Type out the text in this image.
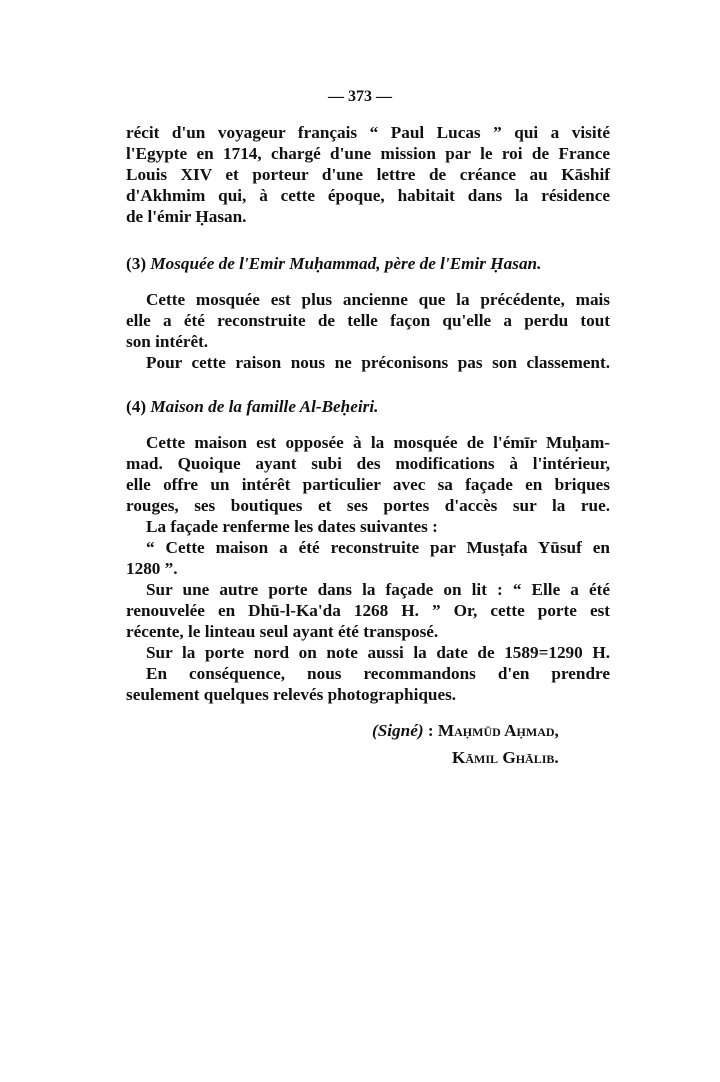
— 373 —

récit d'un voyageur français “ Paul Lucas ” qui a visité

l'Egypte en 1714, chargé d'une mission par le roi de France

Louis XIV et porteur d'une lettre de créance au Kāshif

d'Akhmim qui, à cette époque, habitait dans la résidence

de l'émir Ḥasan.

(3) Mosquée de l'Emir Muḥammad, père de l'Emir Ḥasan.

Cette mosquée est plus ancienne que la précédente, mais

elle a été reconstruite de telle façon qu'elle a perdu tout

son intérêt.

Pour cette raison nous ne préconisons pas son classement.

(4) Maison de la famille Al-Beḥeiri.

Cette maison est opposée à la mosquée de l'émīr Muḥam-

mad. Quoique ayant subi des modifications à l'intérieur,

elle offre un intérêt particulier avec sa façade en briques

rouges, ses boutiques et ses portes d'accès sur la rue.

La façade renferme les dates suivantes :

“ Cette maison a été reconstruite par Musṭafa Yūsuf en

1280 ”.

Sur une autre porte dans la façade on lit : “ Elle a été

renouvelée en Dhū-l-Ka'da 1268 H. ” Or, cette porte est

récente, le linteau seul ayant été transposé.

Sur la porte nord on note aussi la date de 1589=1290 H.

En conséquence, nous recommandons d'en prendre

seulement quelques relevés photographiques.

(Signé) : Maḥmūd Aḥmad,
Kāmil Ghālib.
